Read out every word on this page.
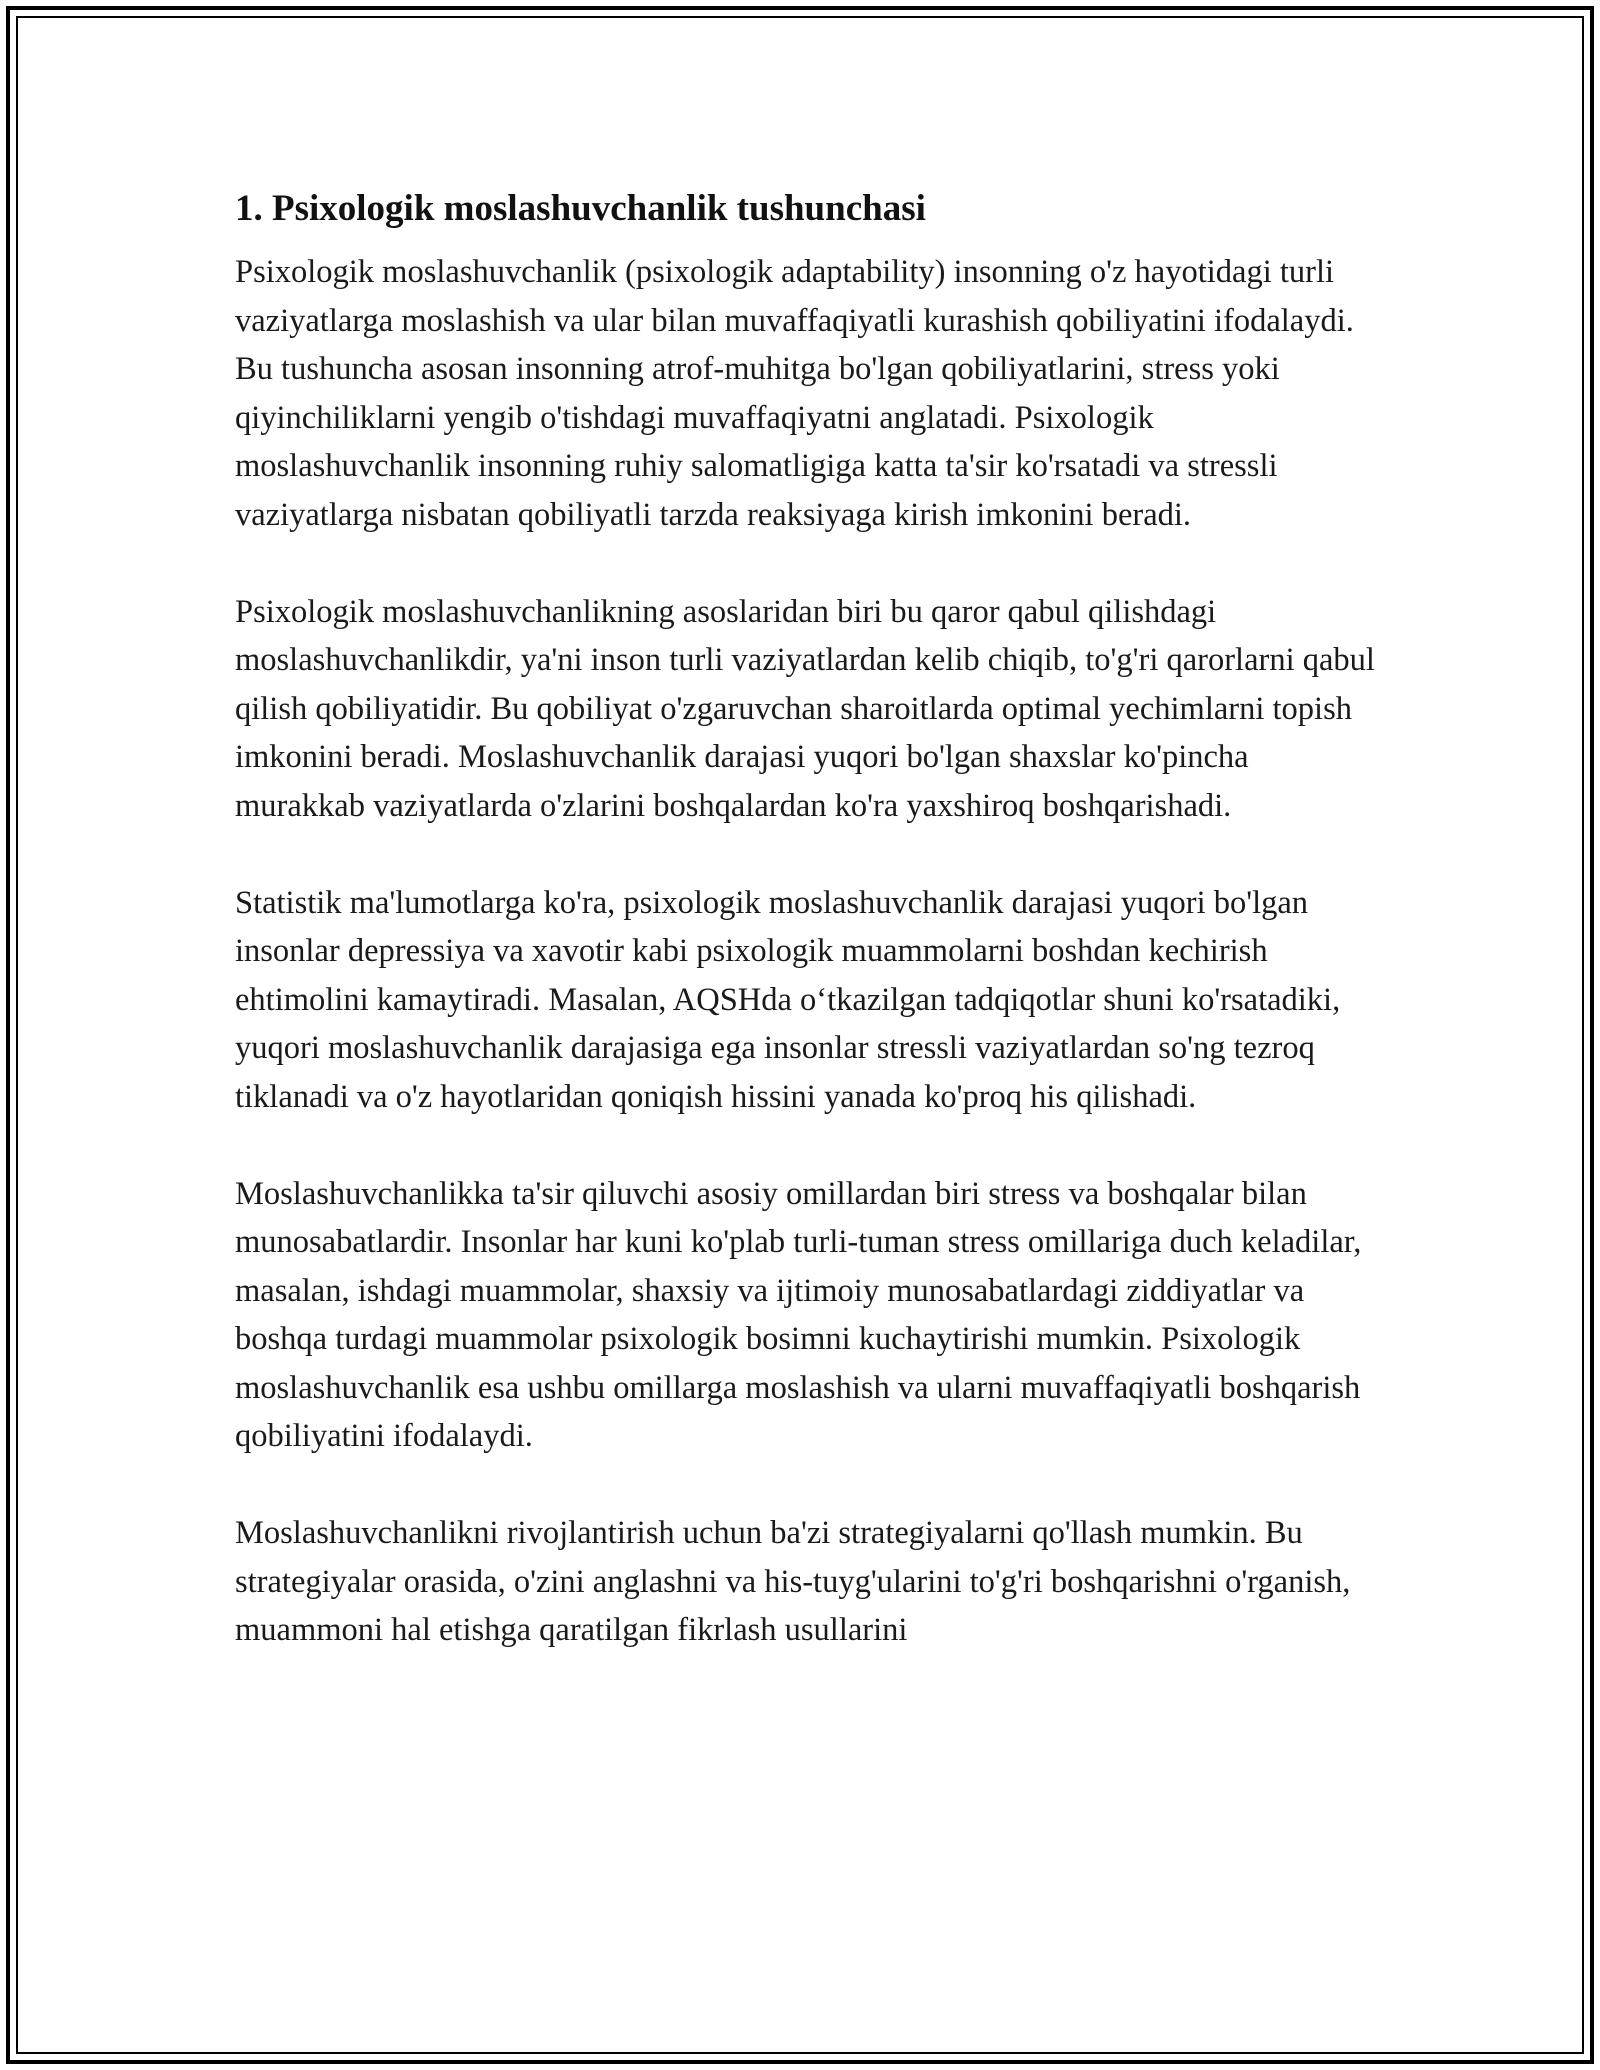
1. Psixologik moslashuvchanlik tushunchasi

Psixologik moslashuvchanlik (psixologik adaptability) insonning o'z hayotidagi turli vaziyatlarga moslashish va ular bilan muvaffaqiyatli kurashish qobiliyatini ifodalaydi. Bu tushuncha asosan insonning atrof-muhitga bo'lgan qobiliyatlarini, stress yoki qiyinchiliklarni yengib o'tishdagi muvaffaqiyatni anglatadi. Psixologik moslashuvchanlik insonning ruhiy salomatligiga katta ta'sir ko'rsatadi va stressli vaziyatlarga nisbatan qobiliyatli tarzda reaksiyaga kirish imkonini beradi.

Psixologik moslashuvchanlikning asoslaridan biri bu qaror qabul qilishdagi moslashuvchanlikdir, ya'ni inson turli vaziyatlardan kelib chiqib, to'g'ri qarorlarni qabul qilish qobiliyatidir. Bu qobiliyat o'zgaruvchan sharoitlarda optimal yechimlarni topish imkonini beradi. Moslashuvchanlik darajasi yuqori bo'lgan shaxslar ko'pincha murakkab vaziyatlarda o'zlarini boshqalardan ko'ra yaxshiroq boshqarishadi.

Statistik ma'lumotlarga ko'ra, psixologik moslashuvchanlik darajasi yuqori bo'lgan insonlar depressiya va xavotir kabi psixologik muammolarni boshdan kechirish ehtimolini kamaytiradi. Masalan, AQSHda o‘tkazilgan tadqiqotlar shuni ko'rsatadiki, yuqori moslashuvchanlik darajasiga ega insonlar stressli vaziyatlardan so'ng tezroq tiklanadi va o'z hayotlaridan qoniqish hissini yanada ko'proq his qilishadi.

Moslashuvchanlikka ta'sir qiluvchi asosiy omillardan biri stress va boshqalar bilan munosabatlardir. Insonlar har kuni ko'plab turli-tuman stress omillariga duch keladilar, masalan, ishdagi muammolar, shaxsiy va ijtimoiy munosabatlardagi ziddiyatlar va boshqa turdagi muammolar psixologik bosimni kuchaytirishi mumkin. Psixologik moslashuvchanlik esa ushbu omillarga moslashish va ularni muvaffaqiyatli boshqarish qobiliyatini ifodalaydi.

Moslashuvchanlikni rivojlantirish uchun ba'zi strategiyalarni qo'llash mumkin. Bu strategiyalar orasida, o'zini anglashni va his-tuyg'ularini to'g'ri boshqarishni o'rganish, muammoni hal etishga qaratilgan fikrlash usullarini
